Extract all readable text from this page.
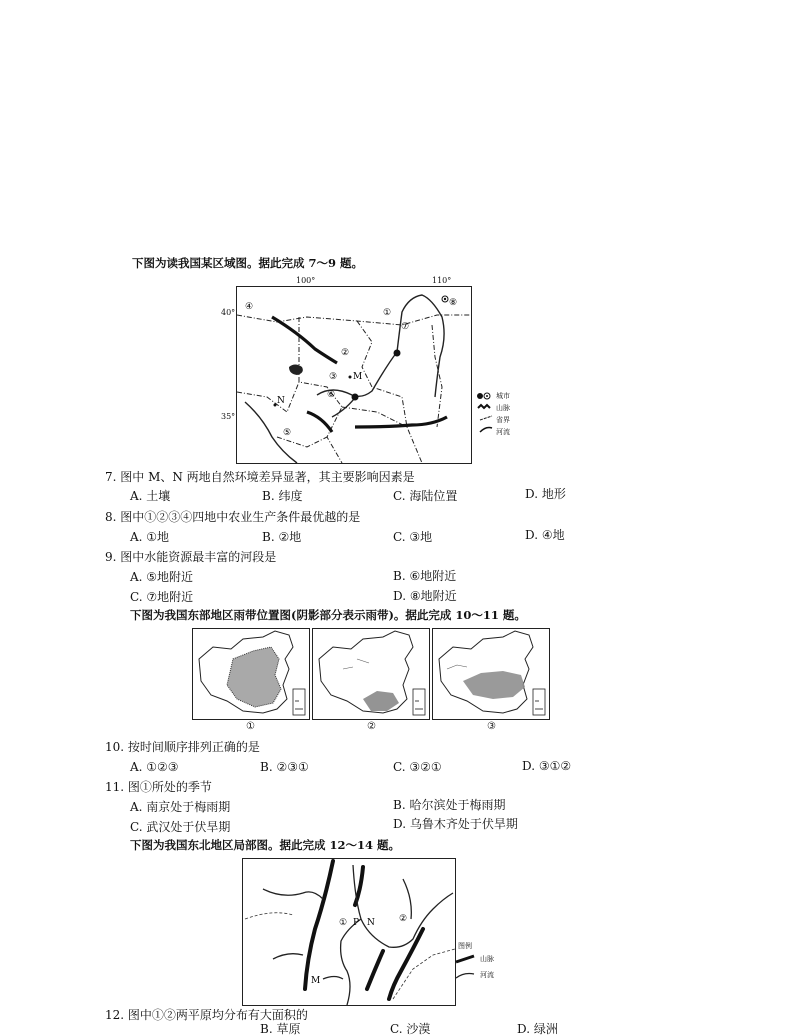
下图为读我国某区域图。据此完成 7～9 题。
④
①
⑦
⑧
②
③ M
⑥
N
⑤
100°	110°
40°
35°
城市
山脉
省界
河流
7. 图中 M、N 两地自然环境差异显著，其主要影响因素是
A. 土壤	B. 纬度	C. 海陆位置	D. 地形
8. 图中①②③④四地中农业生产条件最优越的是
A. ①地	B. ②地	C. ③地	D. ④地
9. 图中水能资源最丰富的河段是
A. ⑤地附近	B. ⑥地附近
C. ⑦地附近	D. ⑧地附近
下图为我国东部地区雨带位置图(阴影部分表示雨带)。据此完成 10～11 题。
①	②	③
10. 按时间顺序排列正确的是
A. ①②③	B. ②③①	C. ③②①	D. ③①②
11. 图①所处的季节
A. 南京处于梅雨期	B. 哈尔滨处于梅雨期
C. 武汉处于伏旱期	D. 乌鲁木齐处于伏旱期
下图为我国东北地区局部图。据此完成 12～14 题。
① P N	②
M
图例
山脉
河流
12. 图中①②两平原均分布有大面积的
B. 草原	C. 沙漠	D. 绿洲
